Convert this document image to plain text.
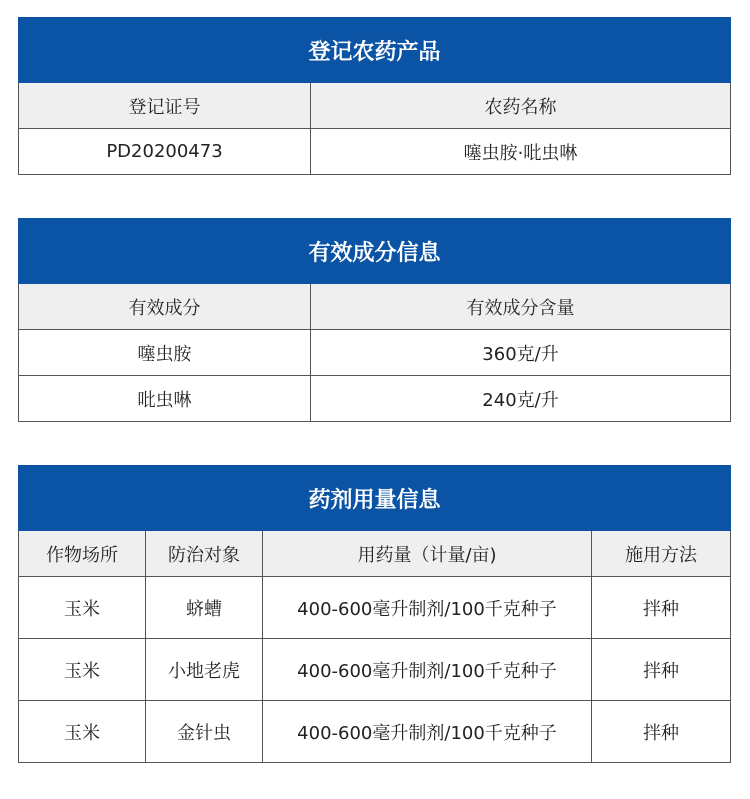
登记农药产品	
登记证号	农药名称
PD20200473	噻虫胺·吡虫啉
有效成分信息	
有效成分	有效成分含量
噻虫胺	360克/升
吡虫啉	240克/升
药剂用量信息			
作物场所	防治对象	用药量（计量/亩)	施用方法
玉米	蛴螬	400-600毫升制剂/100千克种子	拌种
玉米	小地老虎	400-600毫升制剂/100千克种子	拌种
玉米	金针虫	400-600毫升制剂/100千克种子	拌种
